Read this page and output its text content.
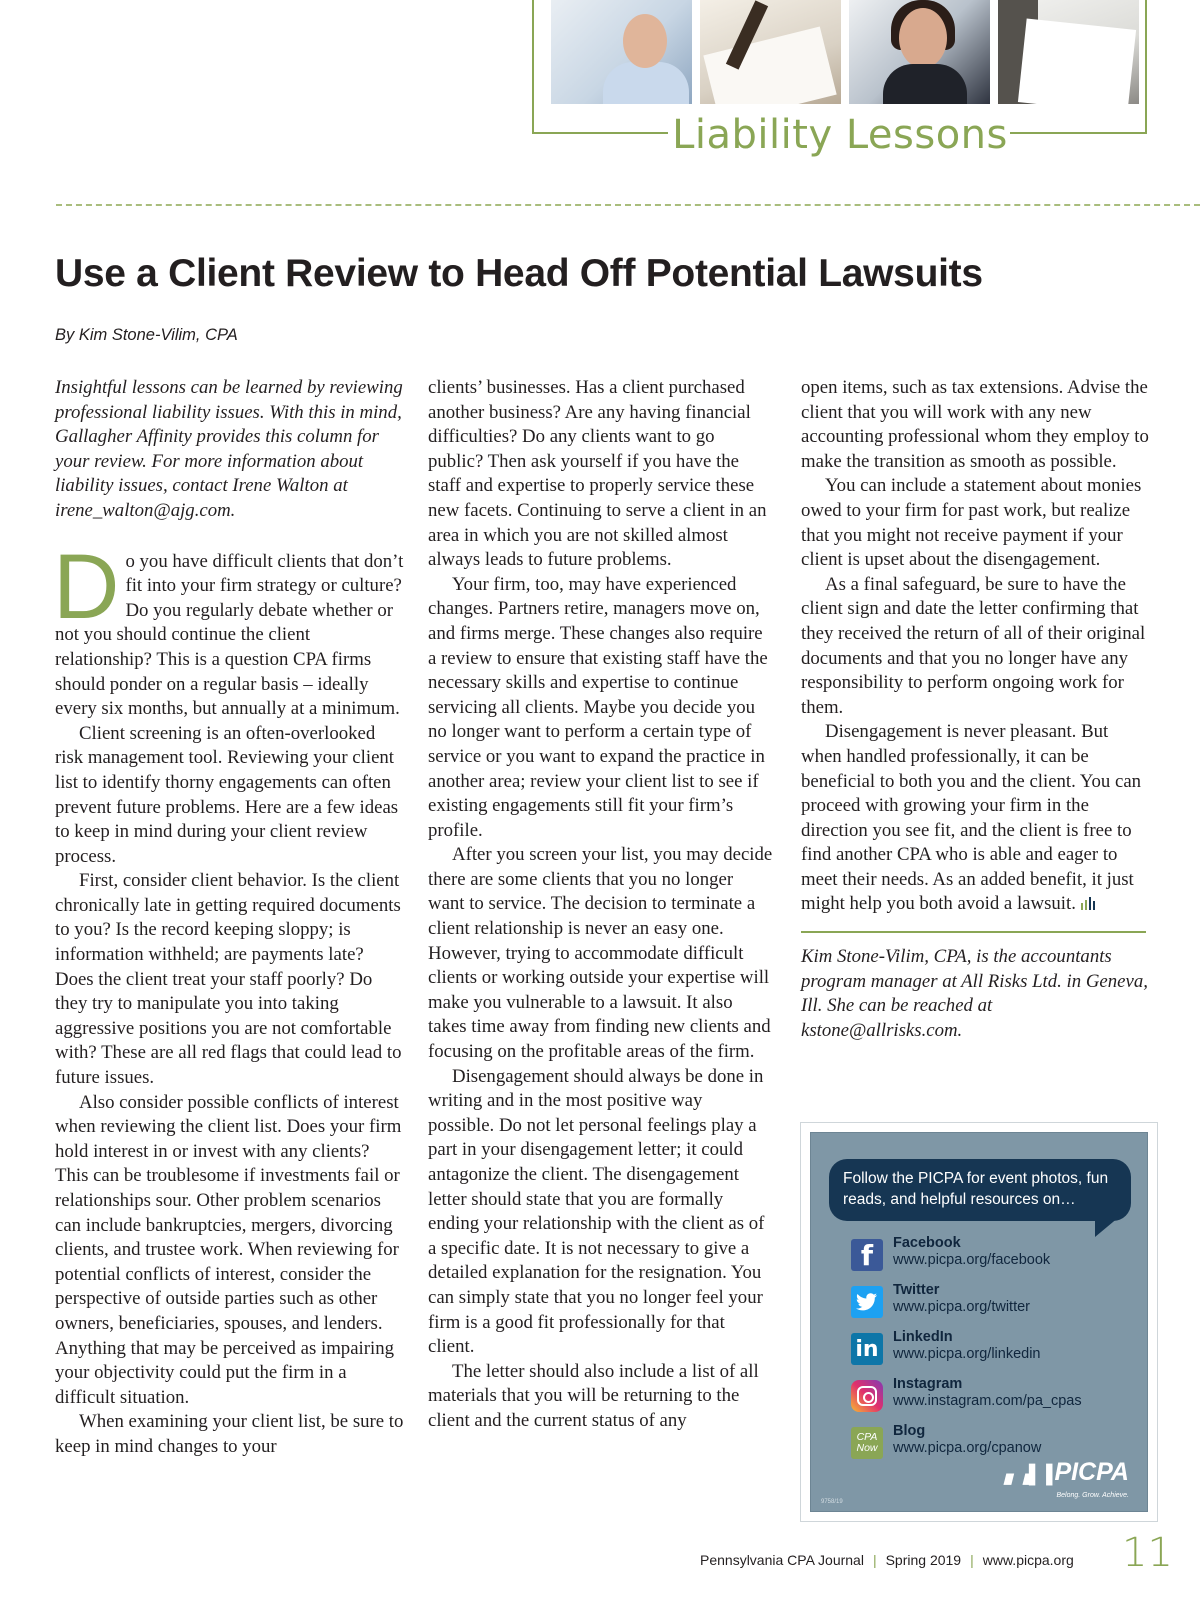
Liability Lessons
Use a Client Review to Head Off Potential Lawsuits
By Kim Stone-Vilim, CPA

Insightful lessons can be learned by reviewing professional liability issues. With this in mind, Gallagher Affinity provides this column for your review. For more information about liability issues, contact Irene Walton at irene_walton@ajg.com.

Do you have difficult clients that don’t fit into your firm strategy or culture? Do you regularly debate whether or not you should continue the client relationship? This is a question CPA firms should ponder on a regular basis – ideally every six months, but annually at a minimum.

Client screening is an often-overlooked risk management tool. Reviewing your client list to identify thorny engagements can often prevent future problems. Here are a few ideas to keep in mind during your client review process.

First, consider client behavior. Is the client chronically late in getting required documents to you? Is the record keeping sloppy; is information withheld; are payments late? Does the client treat your staff poorly? Do they try to manipulate you into taking aggressive positions you are not comfortable with? These are all red flags that could lead to future issues.

Also consider possible conflicts of interest when reviewing the client list. Does your firm hold interest in or invest with any clients? This can be troublesome if investments fail or relationships sour. Other problem scenarios can include bankruptcies, mergers, divorcing clients, and trustee work. When reviewing for potential conflicts of interest, consider the perspective of outside parties such as other owners, beneficiaries, spouses, and lenders. Anything that may be perceived as impairing your objectivity could put the firm in a difficult situation.

When examining your client list, be sure to keep in mind changes to your

clients’ businesses. Has a client purchased another business? Are any having financial difficulties? Do any clients want to go public? Then ask yourself if you have the staff and expertise to properly service these new facets. Continuing to serve a client in an area in which you are not skilled almost always leads to future problems.

Your firm, too, may have experienced changes. Partners retire, managers move on, and firms merge. These changes also require a review to ensure that existing staff have the necessary skills and expertise to continue servicing all clients. Maybe you decide you no longer want to perform a certain type of service or you want to expand the practice in another area; review your client list to see if existing engagements still fit your firm’s profile.

After you screen your list, you may decide there are some clients that you no longer want to service. The decision to terminate a client relationship is never an easy one. However, trying to accommodate difficult clients or working outside your expertise will make you vulnerable to a lawsuit. It also takes time away from finding new clients and focusing on the profitable areas of the firm.

Disengagement should always be done in writing and in the most positive way possible. Do not let personal feelings play a part in your disengagement letter; it could antagonize the client. The disengagement letter should state that you are formally ending your relationship with the client as of a specific date. It is not necessary to give a detailed explanation for the resignation. You can simply state that you no longer feel your firm is a good fit professionally for that client.

The letter should also include a list of all materials that you will be returning to the client and the current status of any

open items, such as tax extensions. Advise the client that you will work with any new accounting professional whom they employ to make the transition as smooth as possible.

You can include a statement about monies owed to your firm for past work, but realize that you might not receive payment if your client is upset about the disengagement.

As a final safeguard, be sure to have the client sign and date the letter confirming that they received the return of all of their original documents and that you no longer have any responsibility to perform ongoing work for them.

Disengagement is never pleasant. But when handled professionally, it can be beneficial to both you and the client. You can proceed with growing your firm in the direction you see fit, and the client is free to find another CPA who is able and eager to meet their needs. As an added benefit, it just might help you both avoid a lawsuit.

Kim Stone-Vilim, CPA, is the accountants program manager at All Risks Ltd. in Geneva, Ill. She can be reached at kstone@allrisks.com.

Follow the PICPA for event photos, fun reads, and helpful resources on…
f	Facebook
www.picpa.org/facebook
Twitter
www.picpa.org/twitter
in LinkedIn
www.picpa.org/linkedin
Instagram
www.instagram.com/pa_cpas
CPA
Now
Blog
www.picpa.org/cpanow
▖▗▌▐ PICPA
Belong. Grow. Achieve.
9758/19
Pennsylvania CPA Journal | Spring 2019 | www.picpa.org 11
